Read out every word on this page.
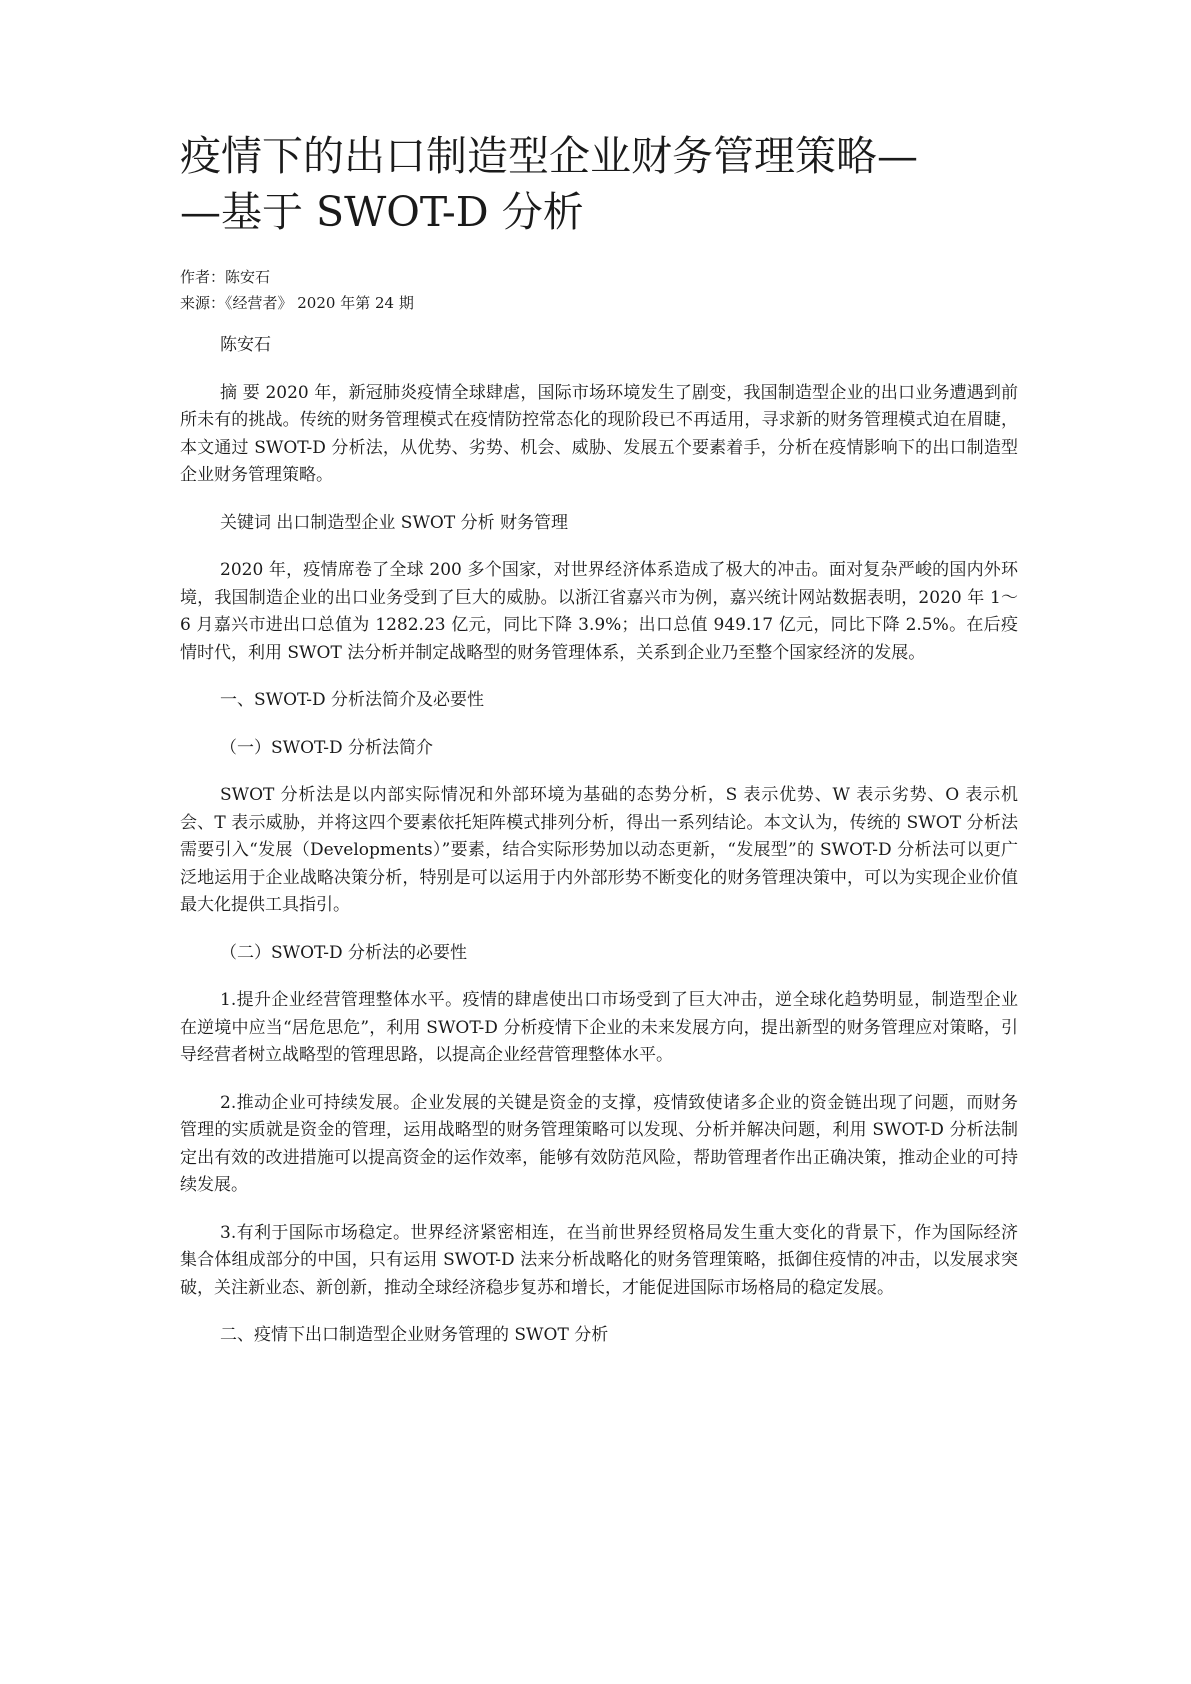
疫情下的出口制造型企业财务管理策略—
—基于 SWOT-D 分析
作者：陈安石
来源：《经营者》 2020 年第 24 期

陈安石

摘 要 2020 年，新冠肺炎疫情全球肆虐，国际市场环境发生了剧变，我国制造型企业的出口业务遭遇到前所未有的挑战。传统的财务管理模式在疫情防控常态化的现阶段已不再适用，寻求新的财务管理模式迫在眉睫，本文通过 SWOT-D 分析法，从优势、劣势、机会、威胁、发展五个要素着手，分析在疫情影响下的出口制造型企业财务管理策略。

关键词 出口制造型企业 SWOT 分析 财务管理

2020 年，疫情席卷了全球 200 多个国家，对世界经济体系造成了极大的冲击。面对复杂严峻的国内外环境，我国制造企业的出口业务受到了巨大的威胁。以浙江省嘉兴市为例，嘉兴统计网站数据表明，2020 年 1～6 月嘉兴市进出口总值为 1282.23 亿元，同比下降 3.9%；出口总值 949.17 亿元，同比下降 2.5%。在后疫情时代，利用 SWOT 法分析并制定战略型的财务管理体系，关系到企业乃至整个国家经济的发展。

一、SWOT-D 分析法简介及必要性

（一）SWOT-D 分析法简介

SWOT 分析法是以内部实际情况和外部环境为基础的态势分析，S 表示优势、W 表示劣势、O 表示机会、T 表示威胁，并将这四个要素依托矩阵模式排列分析，得出一系列结论。本文认为，传统的 SWOT 分析法需要引入“发展（Developments）”要素，结合实际形势加以动态更新，“发展型”的 SWOT-D 分析法可以更广泛地运用于企业战略决策分析，特别是可以运用于内外部形势不断变化的财务管理决策中，可以为实现企业价值最大化提供工具指引。

（二）SWOT-D 分析法的必要性

1.提升企业经营管理整体水平。疫情的肆虐使出口市场受到了巨大冲击，逆全球化趋势明显，制造型企业在逆境中应当“居危思危”，利用 SWOT-D 分析疫情下企业的未来发展方向，提出新型的财务管理应对策略，引导经营者树立战略型的管理思路，以提高企业经营管理整体水平。

2.推动企业可持续发展。企业发展的关键是资金的支撑，疫情致使诸多企业的资金链出现了问题，而财务管理的实质就是资金的管理，运用战略型的财务管理策略可以发现、分析并解决问题，利用 SWOT-D 分析法制定出有效的改进措施可以提高资金的运作效率，能够有效防范风险，帮助管理者作出正确决策，推动企业的可持续发展。

3.有利于国际市场稳定。世界经济紧密相连，在当前世界经贸格局发生重大变化的背景下，作为国际经济集合体组成部分的中国，只有运用 SWOT-D 法来分析战略化的财务管理策略，抵御住疫情的冲击，以发展求突破，关注新业态、新创新，推动全球经济稳步复苏和增长，才能促进国际市场格局的稳定发展。

二、疫情下出口制造型企业财务管理的 SWOT 分析
